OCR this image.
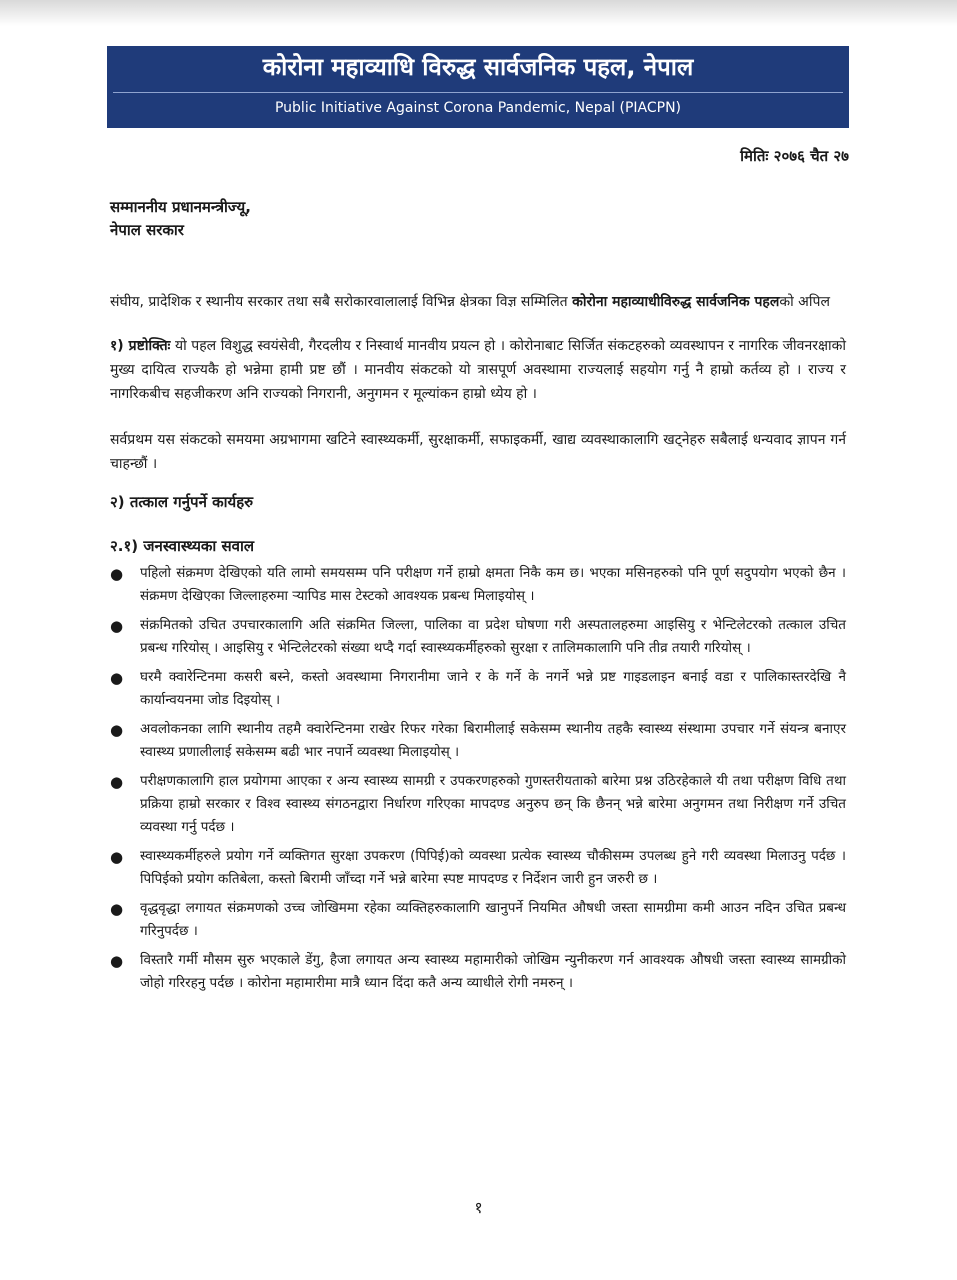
कोरोना महाव्याधि विरुद्ध सार्वजनिक पहल, नेपाल
Public Initiative Against Corona Pandemic, Nepal (PIACPN)
मितिः २०७६ चैत २७
सम्माननीय प्रधानमन्त्रीज्यू,
नेपाल सरकार

संघीय, प्रादेशिक र स्थानीय सरकार तथा सबै सरोकारवालालाई विभिन्न क्षेत्रका विज्ञ सम्मिलित कोरोना महाव्याधीविरुद्ध सार्वजनिक पहलको अपिल

१) प्रष्टोक्तिः यो पहल विशुद्ध स्वयंसेवी, गैरदलीय र निस्वार्थ मानवीय प्रयत्न हो । कोरोनाबाट सिर्जित संकटहरुको व्यवस्थापन र नागरिक जीवनरक्षाको मुख्य दायित्व राज्यकै हो भन्नेमा हामी प्रष्ट छौं । मानवीय संकटको यो त्रासपूर्ण अवस्थामा राज्यलाई सहयोग गर्नु नै हाम्रो कर्तव्य हो । राज्य र नागरिकबीच सहजीकरण अनि राज्यको निगरानी, अनुगमन र मूल्यांकन हाम्रो ध्येय हो ।

सर्वप्रथम यस संकटको समयमा अग्रभागमा खटिने स्वास्थ्यकर्मी, सुरक्षाकर्मी, सफाइकर्मी, खाद्य व्यवस्थाकालागि खट्नेहरु सबैलाई धन्यवाद ज्ञापन गर्न चाहन्छौं ।

२) तत्काल गर्नुपर्ने कार्यहरु
२.१) जनस्वास्थ्यका सवाल
● पहिलो संक्रमण देखिएको यति लामो समयसम्म पनि परीक्षण गर्ने हाम्रो क्षमता निकै कम छ। भएका मसिनहरुको पनि पूर्ण सदुपयोग भएको छैन । संक्रमण देखिएका जिल्लाहरुमा र्‍यापिड मास टेस्टको आवश्यक प्रबन्ध मिलाइयोस् ।
● संक्रमितको उचित उपचारकालागि अति संक्रमित जिल्ला, पालिका वा प्रदेश घोषणा गरी अस्पतालहरुमा आइसियु र भेन्टिलेटरको तत्काल उचित प्रबन्ध गरियोस् । आइसियु र भेन्टिलेटरको संख्या थप्दै गर्दा स्वास्थ्यकर्मीहरुको सुरक्षा र तालिमकालागि पनि तीव्र तयारी गरियोस् ।
● घरमै क्वारेन्टिनमा कसरी बस्ने, कस्तो अवस्थामा निगरानीमा जाने र के गर्ने के नगर्ने भन्ने प्रष्ट गाइडलाइन बनाई वडा र पालिकास्तरदेखि नै कार्यान्वयनमा जोड दिइयोस् ।
● अवलोकनका लागि स्थानीय तहमै क्वारेन्टिनमा राखेर रिफर गरेका बिरामीलाई सकेसम्म स्थानीय तहकै स्वास्थ्य संस्थामा उपचार गर्ने संयन्त्र बनाएर स्वास्थ्य प्रणालीलाई सकेसम्म बढी भार नपार्ने व्यवस्था मिलाइयोस् ।
● परीक्षणकालागि हाल प्रयोगमा आएका र अन्य स्वास्थ्य सामग्री र उपकरणहरुको गुणस्तरीयताको बारेमा प्रश्न उठिरहेकाले यी तथा परीक्षण विधि तथा प्रक्रिया हाम्रो सरकार र विश्व स्वास्थ्य संगठनद्वारा निर्धारण गरिएका मापदण्ड अनुरुप छन् कि छैनन् भन्ने बारेमा अनुगमन तथा निरीक्षण गर्ने उचित व्यवस्था गर्नु पर्दछ ।
● स्वास्थ्यकर्मीहरुले प्रयोग गर्ने व्यक्तिगत सुरक्षा उपकरण (पिपिई)को व्यवस्था प्रत्येक स्वास्थ्य चौकीसम्म उपलब्ध हुने गरी व्यवस्था मिलाउनु पर्दछ । पिपिईको प्रयोग कतिबेला, कस्तो बिरामी जाँच्दा गर्ने भन्ने बारेमा स्पष्ट मापदण्ड र निर्देशन जारी हुन जरुरी छ ।
● वृद्धवृद्धा लगायत संक्रमणको उच्च जोखिममा रहेका व्यक्तिहरुकालागि खानुपर्ने नियमित औषधी जस्ता सामग्रीमा कमी आउन नदिन उचित प्रबन्ध गरिनुपर्दछ ।
● विस्तारै गर्मी मौसम सुरु भएकाले डेंगु, हैजा लगायत अन्य स्वास्थ्य महामारीको जोखिम न्युनीकरण गर्न आवश्यक औषधी जस्ता स्वास्थ्य सामग्रीको जोहो गरिरहनु पर्दछ । कोरोना महामारीमा मात्रै ध्यान दिंदा कतै अन्य व्याधीले रोगी नमरुन् ।
१
